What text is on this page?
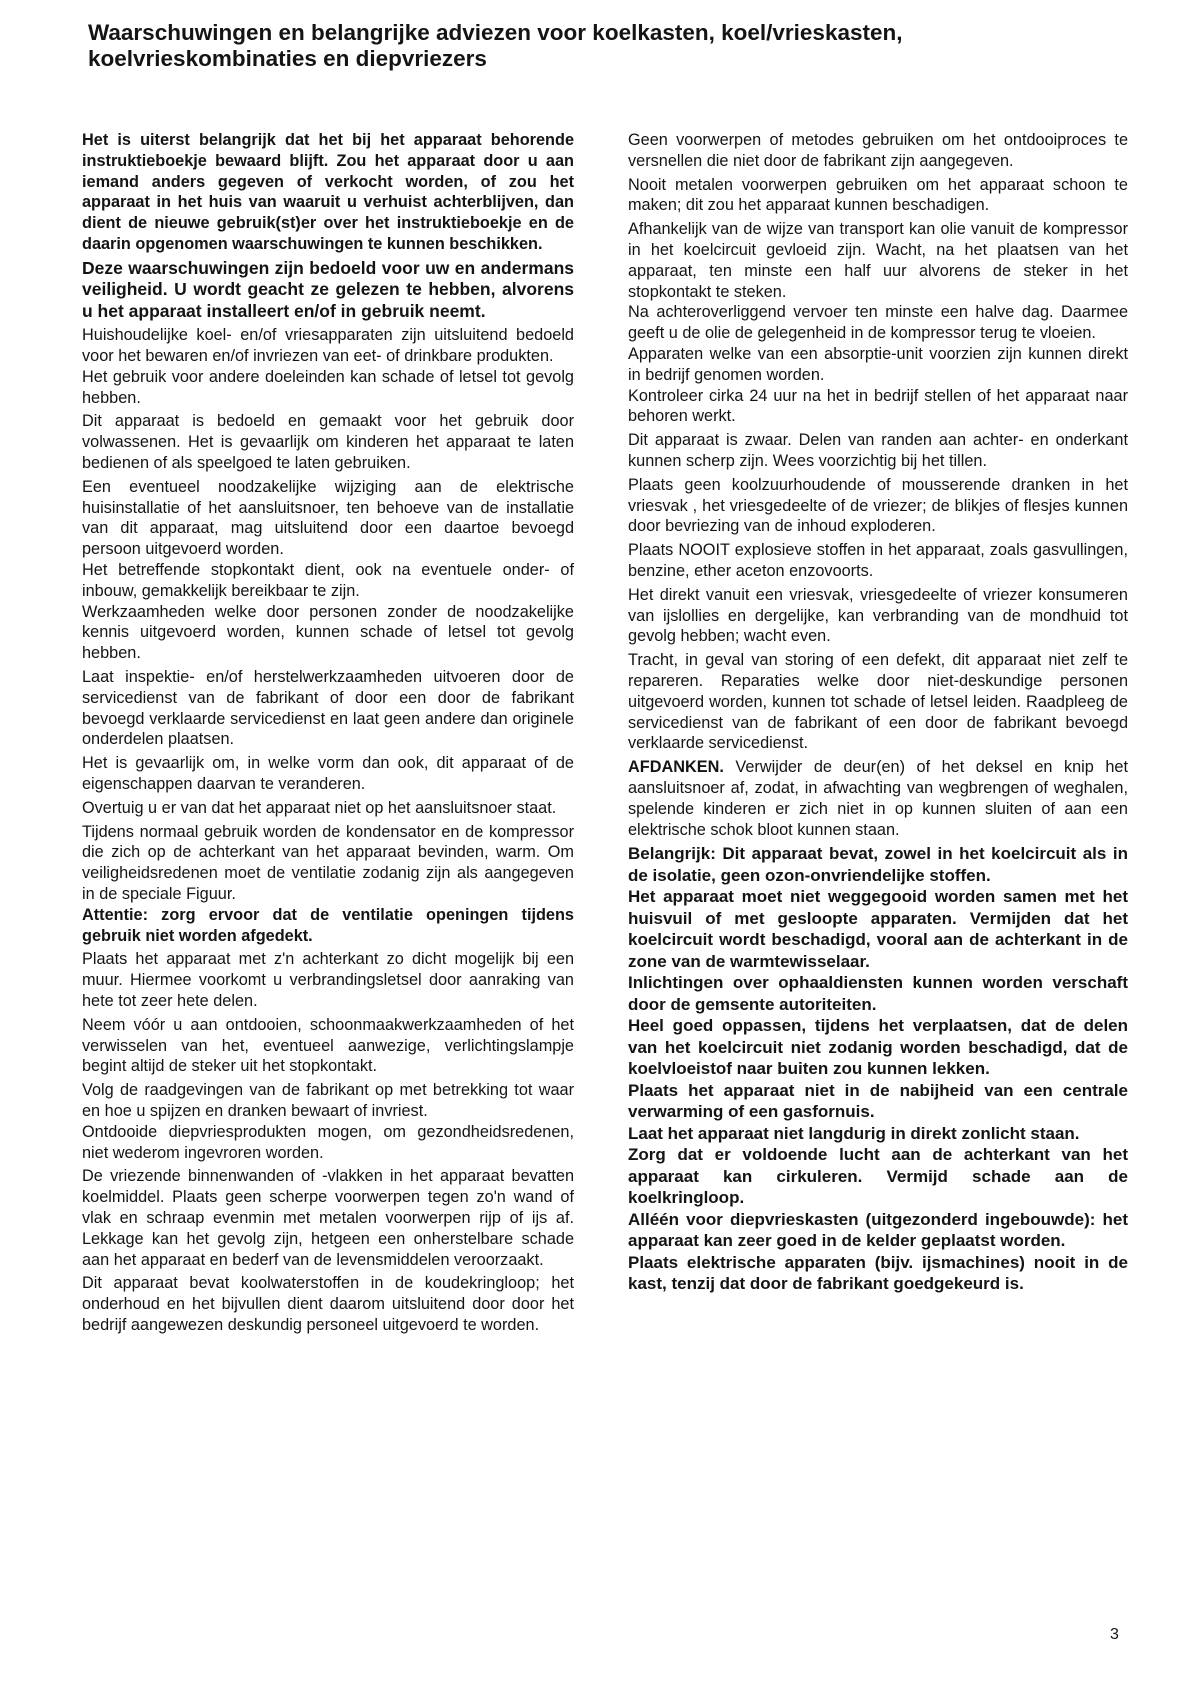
Waarschuwingen en belangrijke adviezen voor koelkasten, koel/vrieskasten, koelvrieskombinaties en diepvriezers

Het is uiterst belangrijk dat het bij het apparaat behorende instruktieboekje bewaard blijft. Zou het apparaat door u aan iemand anders gegeven of verkocht worden, of zou het apparaat in het huis van waaruit u verhuist achterblijven, dan dient de nieuwe gebruik(st)er over het instruktieboekje en de daarin opgenomen waarschuwingen te kunnen beschikken.

Deze waarschuwingen zijn bedoeld voor uw en andermans veiligheid. U wordt geacht ze gelezen te hebben, alvorens u het apparaat installeert en/of in gebruik neemt.

Huishoudelijke koel- en/of vriesapparaten zijn uitsluitend bedoeld voor het bewaren en/of invriezen van eet- of drinkbare produkten.

Het gebruik voor andere doeleinden kan schade of letsel tot gevolg hebben.

Dit apparaat is bedoeld en gemaakt voor het gebruik door volwassenen. Het is gevaarlijk om kinderen het apparaat te laten bedienen of als speelgoed te laten gebruiken.

Een eventueel noodzakelijke wijziging aan de elektrische huisinstallatie of het aansluitsnoer, ten behoeve van de installatie van dit apparaat, mag uitsluitend door een daartoe bevoegd persoon uitgevoerd worden.

Het betreffende stopkontakt dient, ook na eventuele onder- of inbouw, gemakkelijk bereikbaar te zijn.

Werkzaamheden welke door personen zonder de noodzakelijke kennis uitgevoerd worden, kunnen schade of letsel tot gevolg hebben.

Laat inspektie- en/of herstelwerkzaamheden uitvoeren door de servicedienst van de fabrikant of door een door de fabrikant bevoegd verklaarde servicedienst en laat geen andere dan originele onderdelen plaatsen.

Het is gevaarlijk om, in welke vorm dan ook, dit apparaat of de eigenschappen daarvan te veranderen.

Overtuig u er van dat het apparaat niet op het aansluitsnoer staat.

Tijdens normaal gebruik worden de kondensator en de kompressor die zich op de achterkant van het apparaat bevinden, warm. Om veiligheidsredenen moet de ventilatie zodanig zijn als aangegeven in de speciale Figuur.

Attentie: zorg ervoor dat de ventilatie openingen tijdens gebruik niet worden afgedekt.

Plaats het apparaat met z'n achterkant zo dicht mogelijk bij een muur. Hiermee voorkomt u verbrandingsletsel door aanraking van hete tot zeer hete delen.

Neem vóór u aan ontdooien, schoonmaakwerkzaamheden of het verwisselen van het, eventueel aanwezige, verlichtingslampje begint altijd de steker uit het stopkontakt.

Volg de raadgevingen van de fabrikant op met betrekking tot waar en hoe u spijzen en dranken bewaart of invriest.

Ontdooide diepvriesprodukten mogen, om gezondheidsredenen, niet wederom ingevroren worden.

De vriezende binnenwanden of -vlakken in het apparaat bevatten koelmiddel. Plaats geen scherpe voorwerpen tegen zo'n wand of vlak en schraap evenmin met metalen voorwerpen rijp of ijs af. Lekkage kan het gevolg zijn, hetgeen een onherstelbare schade aan het apparaat en bederf van de levensmiddelen veroorzaakt.

Dit apparaat bevat koolwaterstoffen in de koudekringloop; het onderhoud en het bijvullen dient daarom uitsluitend door door het bedrijf aangewezen deskundig personeel uitgevoerd te worden.

Geen voorwerpen of metodes gebruiken om het ontdooiproces te versnellen die niet door de fabrikant zijn aangegeven.

Nooit metalen voorwerpen gebruiken om het apparaat schoon te maken; dit zou het apparaat kunnen beschadigen.

Afhankelijk van de wijze van transport kan olie vanuit de kompressor in het koelcircuit gevloeid zijn. Wacht, na het plaatsen van het apparaat, ten minste een half uur alvorens de steker in het stopkontakt te steken.

Na achteroverliggend vervoer ten minste een halve dag. Daarmee geeft u de olie de gelegenheid in de kompressor terug te vloeien.

Apparaten welke van een absorptie-unit voorzien zijn kunnen direkt in bedrijf genomen worden.

Kontroleer cirka 24 uur na het in bedrijf stellen of het apparaat naar behoren werkt.

Dit apparaat is zwaar. Delen van randen aan achter- en onderkant kunnen scherp zijn. Wees voorzichtig bij het tillen.

Plaats geen koolzuurhoudende of mousserende dranken in het vriesvak , het vriesgedeelte of de vriezer; de blikjes of flesjes kunnen door bevriezing van de inhoud exploderen.

Plaats NOOIT explosieve stoffen in het apparaat, zoals gasvullingen, benzine, ether aceton enzovoorts.

Het direkt vanuit een vriesvak, vriesgedeelte of vriezer konsumeren van ijslollies en dergelijke, kan verbranding van de mondhuid tot gevolg hebben; wacht even.

Tracht, in geval van storing of een defekt, dit apparaat niet zelf te repareren. Reparaties welke door niet-deskundige personen uitgevoerd worden, kunnen tot schade of letsel leiden. Raadpleeg de servicedienst van de fabrikant of een door de fabrikant bevoegd verklaarde servicedienst.

AFDANKEN. Verwijder de deur(en) of het deksel en knip het aansluitsnoer af, zodat, in afwachting van wegbrengen of weghalen, spelende kinderen er zich niet in op kunnen sluiten of aan een elektrische schok bloot kunnen staan.

Belangrijk: Dit apparaat bevat, zowel in het koelcircuit als in de isolatie, geen ozon-onvriendelijke stoffen.

Het apparaat moet niet weggegooid worden samen met het huisvuil of met gesloopte apparaten. Vermijden dat het koelcircuit wordt beschadigd, vooral aan de achterkant in de zone van de warmtewisselaar.

Inlichtingen over ophaaldiensten kunnen worden verschaft door de gemsente autoriteiten.

Heel goed oppassen, tijdens het verplaatsen, dat de delen van het koelcircuit niet zodanig worden beschadigd, dat de koelvloeistof naar buiten zou kunnen lekken.

Plaats het apparaat niet in de nabijheid van een centrale verwarming of een gasfornuis.

Laat het apparaat niet langdurig in direkt zonlicht staan.

Zorg dat er voldoende lucht aan de achterkant van het apparaat kan cirkuleren. Vermijd schade aan de koelkringloop.

Alléén voor diepvrieskasten (uitgezonderd ingebouwde): het apparaat kan zeer goed in de kelder geplaatst worden.

Plaats elektrische apparaten (bijv. ijsmachines) nooit in de kast, tenzij dat door de fabrikant goedgekeurd is.

3
